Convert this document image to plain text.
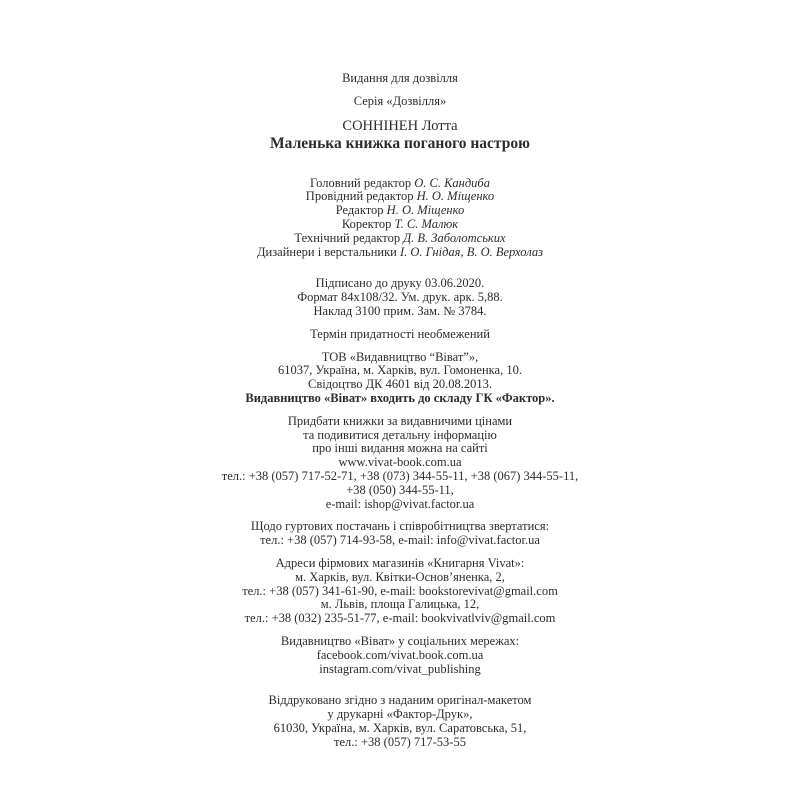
Видання для дозвілля
Серія «Дозвілля»
СОННІНЕН Лотта
Маленька книжка поганого настрою
Головний редактор О. С. Кандиба
Провідний редактор Н. О. Міщенко
Редактор Н. О. Міщенко
Коректор Т. С. Малюк
Технічний редактор Д. В. Заболотських
Дизайнери і верстальники І. О. Гнідая, В. О. Верхолаз
Підписано до друку 03.06.2020.
Формат 84х108/32. Ум. друк. арк. 5,88.
Наклад 3100 прим. Зам. № 3784.
Термін придатності необмежений
ТОВ «Видавництво “Віват”»,
61037, Україна, м. Харків, вул. Гомоненка, 10.
Свідоцтво ДК 4601 від 20.08.2013.
Видавництво «Віват» входить до складу ГК «Фактор».
Придбати книжки за видавничими цінами
та подивитися детальну інформацію
про інші видання можна на сайті
www.vivat-book.com.ua
тел.: +38 (057) 717-52-71, +38 (073) 344-55-11, +38 (067) 344-55-11,
+38 (050) 344-55-11,
e-mail: ishop@vivat.factor.ua
Щодо гуртових постачань і співробітництва звертатися:
тел.: +38 (057) 714-93-58, e-mail: info@vivat.factor.ua
Адреси фірмових магазинів «Книгарня Vivat»:
м. Харків, вул. Квітки-Основ’яненка, 2,
тел.: +38 (057) 341-61-90, e-mail: bookstorevivat@gmail.com
м. Львів, площа Галицька, 12,
тел.: +38 (032) 235-51-77, e-mail: bookvivatlviv@gmail.com
Видавництво «Віват» у соціальних мережах:
facebook.com/vivat.book.com.ua
instagram.com/vivat_publishing
Віддруковано згідно з наданим оригінал-макетом
у друкарні «Фактор-Друк»,
61030, Україна, м. Харків, вул. Саратовська, 51,
тел.: +38 (057) 717-53-55
